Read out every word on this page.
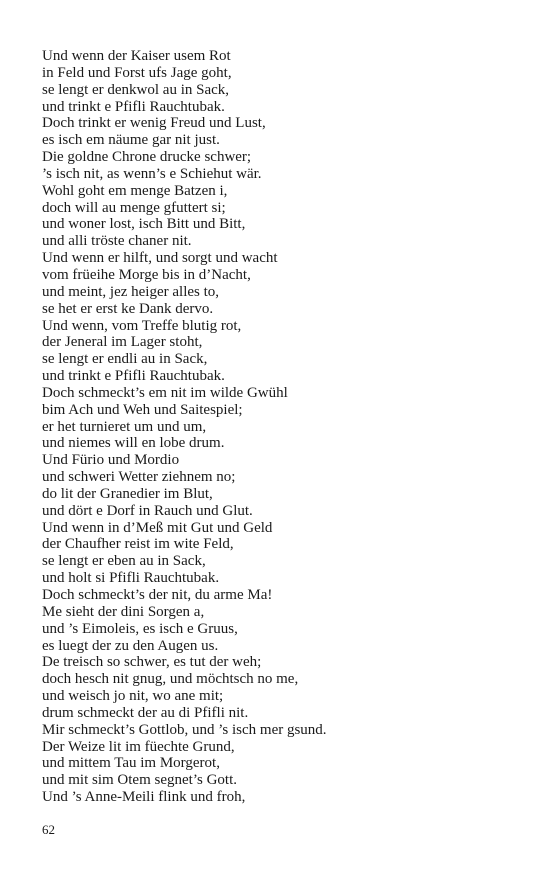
Und wenn der Kaiser usem Rot
in Feld und Forst ufs Jage goht,
se lengt er denkwol au in Sack,
und trinkt e Pfifli Rauchtubak.
Doch trinkt er wenig Freud und Lust,
es isch em näume gar nit just.
Die goldne Chrone drucke schwer;
’s isch nit, as wenn’s e Schiehut wär.
Wohl goht em menge Batzen i,
doch will au menge gfuttert si;
und woner lost, isch Bitt und Bitt,
und alli tröste chaner nit.
Und wenn er hilft, und sorgt und wacht
vom früeihe Morge bis in d’Nacht,
und meint, jez heiger alles to,
se het er erst ke Dank dervo.
Und wenn, vom Treffe blutig rot,
der Jeneral im Lager stoht,
se lengt er endli au in Sack,
und trinkt e Pfifli Rauchtubak.
Doch schmeckt’s em nit im wilde Gwühl
bim Ach und Weh und Saitespiel;
er het turnieret um und um,
und niemes will en lobe drum.
Und Fürio und Mordio
und schweri Wetter ziehnem no;
do lit der Granedier im Blut,
und dört e Dorf in Rauch und Glut.
Und wenn in d’Meß mit Gut und Geld
der Chaufher reist im wite Feld,
se lengt er eben au in Sack,
und holt si Pfifli Rauchtubak.
Doch schmeckt’s der nit, du arme Ma!
Me sieht der dini Sorgen a,
und ’s Eimoleis, es isch e Gruus,
es luegt der zu den Augen us.
De treisch so schwer, es tut der weh;
doch hesch nit gnug, und möchtsch no me,
und weisch jo nit, wo ane mit;
drum schmeckt der au di Pfifli nit.
Mir schmeckt’s Gottlob, und ’s isch mer gsund.
Der Weize lit im füechte Grund,
und mittem Tau im Morgerot,
und mit sim Otem segnet’s Gott.
Und ’s Anne-Meili flink und froh,
62
